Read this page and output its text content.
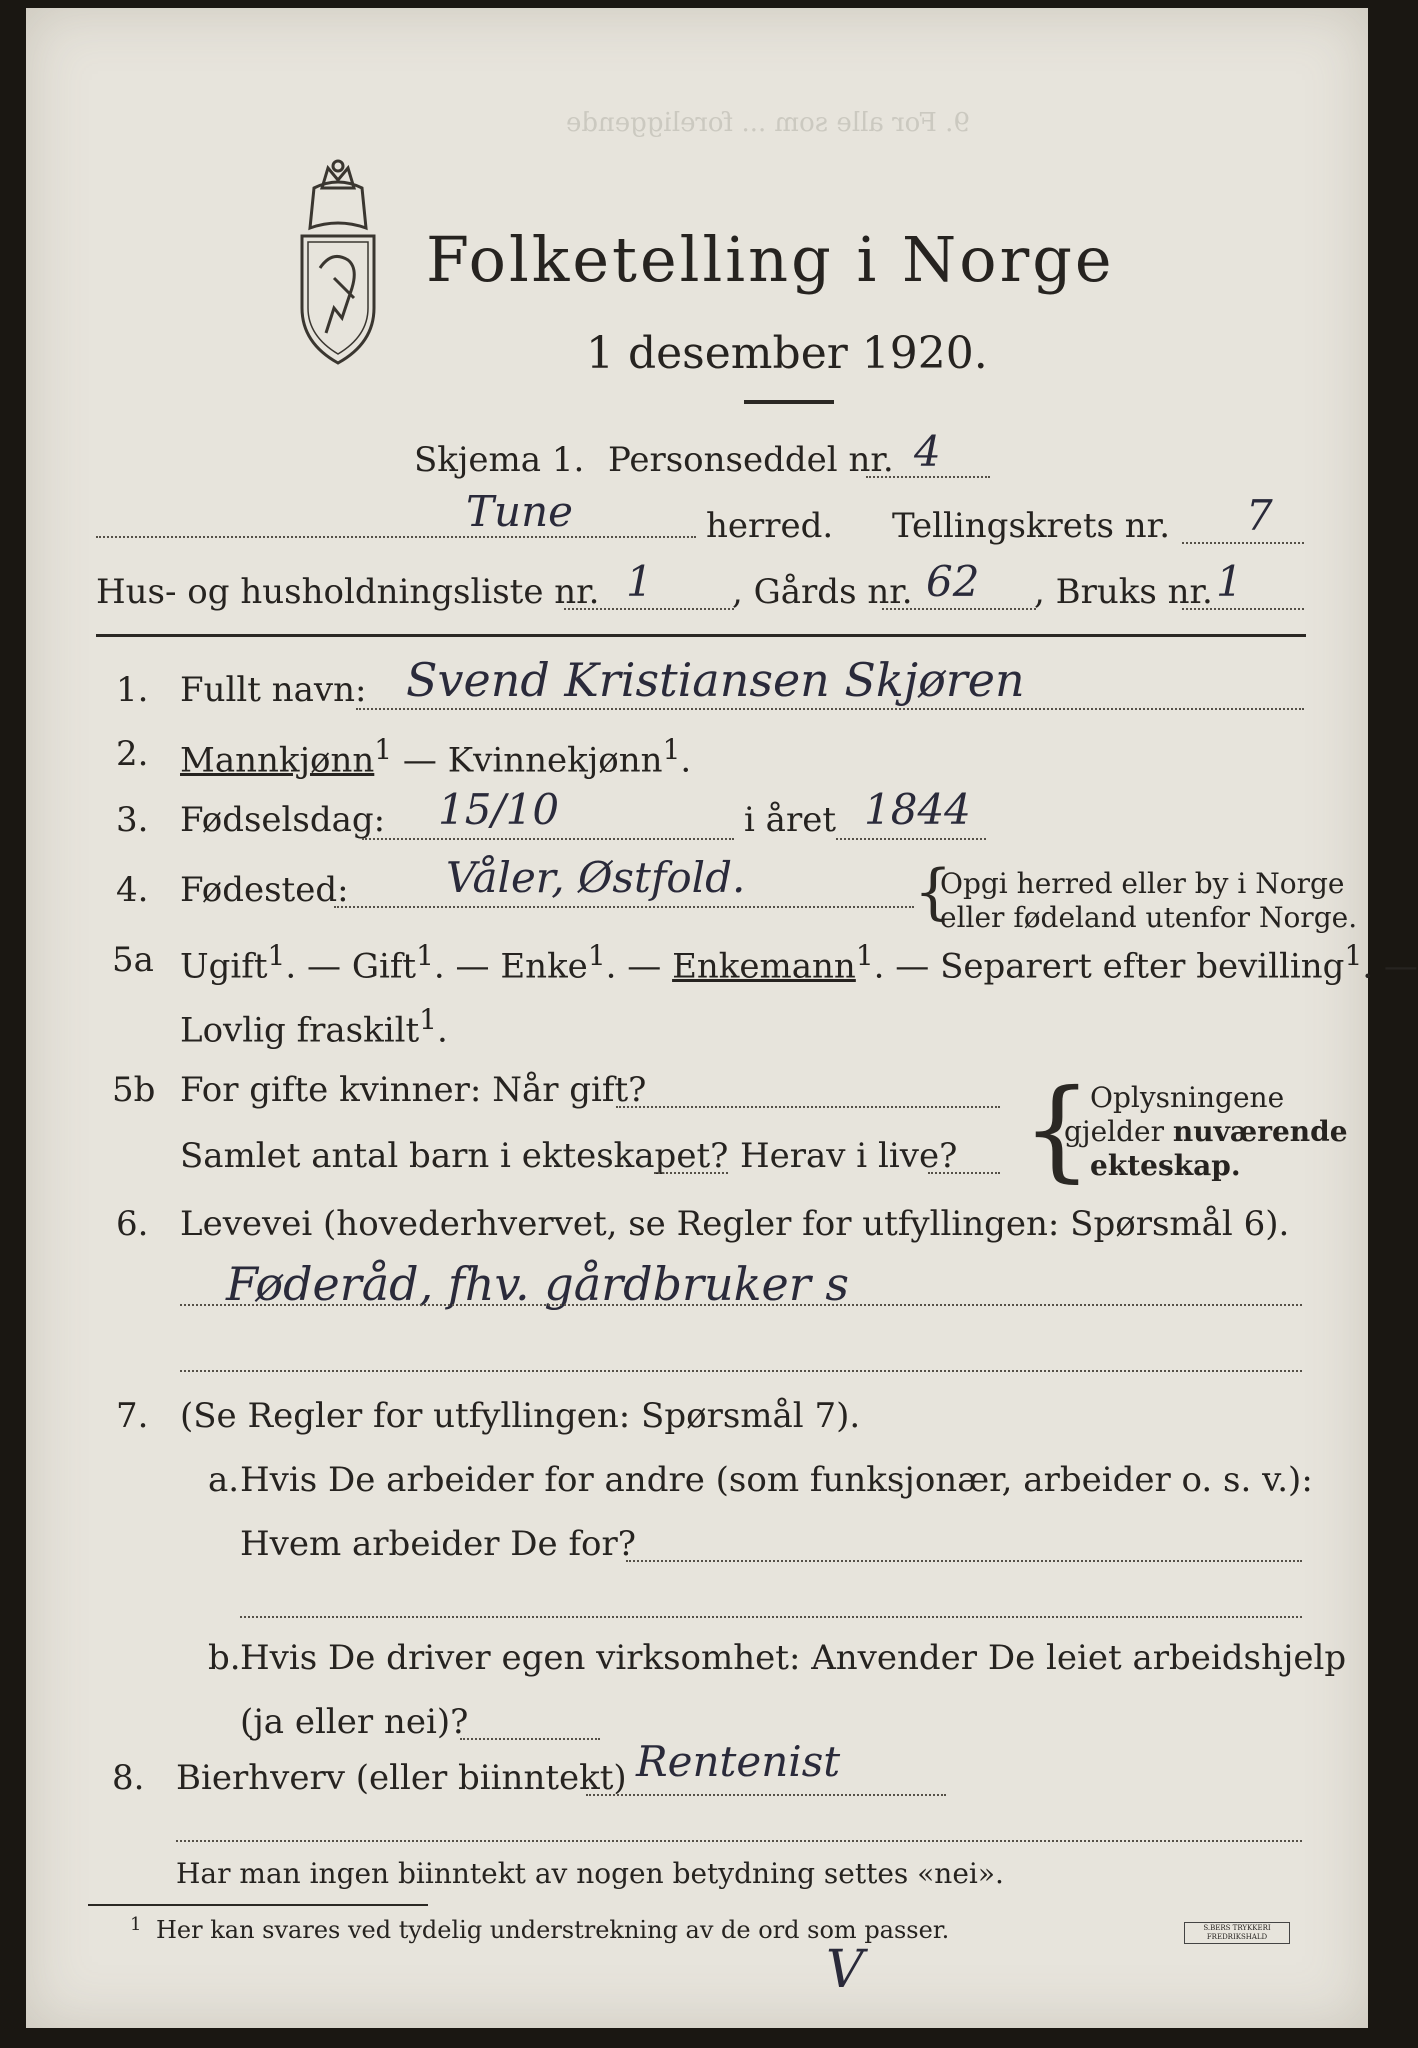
9. For alle som ... foreliggende
Folketelling i Norge
1 desember 1920.
Skjema 1. Personseddel nr. 4
Tune	herred. Tellingskrets nr. 7
Hus- og husholdningsliste nr. 1 , Gårds nr. 62 , Bruks nr. 1
1. Fullt navn: Svend Kristiansen Skjøren
2. Mannkjønn$^1$ — Kvinnekjønn$^1$.
3. Fødselsdag: 15/10	i året 1844
4. Fødested: Våler, Østfold.	{
Opgi herred eller by i Norge
eller fødeland utenfor Norge.
5a Ugift$^1$. — Gift$^1$. — Enke$^1$. — Enkemann$^1$. — Separert efter bevilling$^1$. —
Lovlig fraskilt$^1$.
5b For gifte kvinner: Når gift?
Samlet antal barn i ekteskapet? Herav i live? {
Oplysningene
gjelder nuværende
ekteskap.
6. Levevei (hovederhvervet, se Regler for utfyllingen: Spørsmål 6).
Føderåd, fhv. gårdbruker s
7. (Se Regler for utfyllingen: Spørsmål 7).
a. Hvis De arbeider for andre (som funksjonær, arbeider o. s. v.):
Hvem arbeider De for?
b. Hvis De driver egen virksomhet: Anvender De leiet arbeidshjelp
(ja eller nei)?
8. Bierhverv (eller biinntekt) Rentenist
Har man ingen biinntekt av nogen betydning settes «nei».
1 Her kan svares ved tydelig understrekning av de ord som passer.	S.BERS TRYKKERI FREDRIKSHALD
V
